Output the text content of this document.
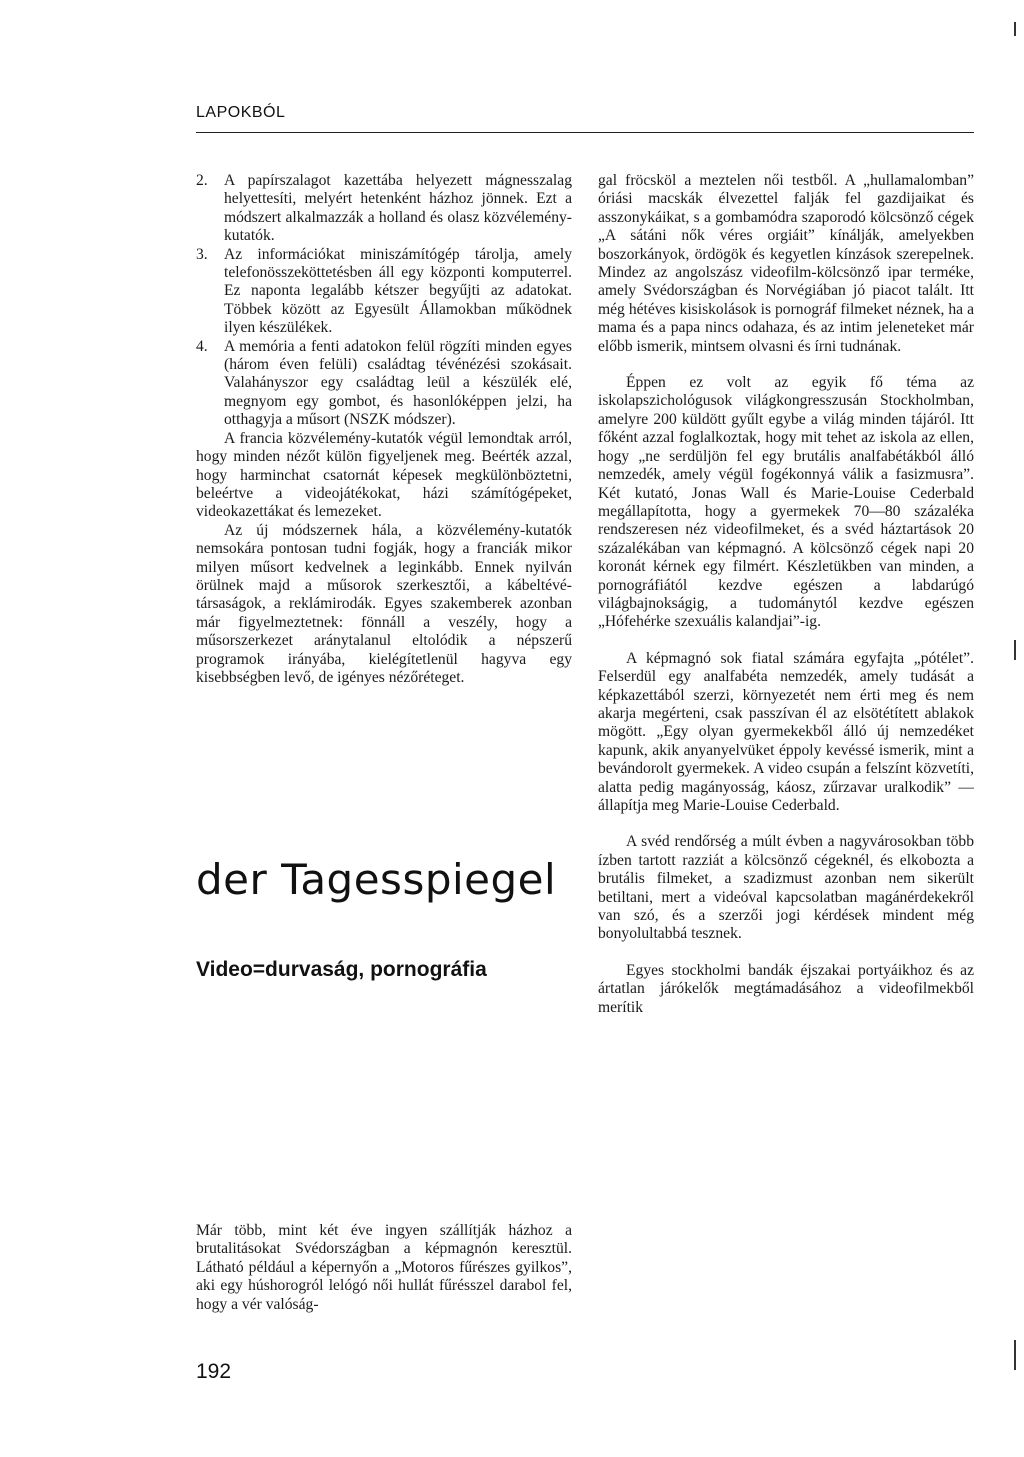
LAPOKBÓL
2.	A papírszalagot kazettába helyezett mágnesszalag helyettesíti, melyért hetenként házhoz jönnek. Ezt a módszert alkalmazzák a holland és olasz közvélemény-kutatók.
3.	Az információkat miniszámítógép tárolja, amely telefonösszeköttetésben áll egy központi komputerrel. Ez naponta legalább kétszer begyűjti az adatokat. Többek között az Egyesült Államokban működnek ilyen készülékek.
4.	A memória a fenti adatokon felül rögzíti minden egyes (három éven felüli) családtag tévénézési szokásait. Valahányszor egy családtag leül a készülék elé, megnyom egy gombot, és hasonlóképpen jelzi, ha otthagyja a műsort (NSZK módszer).

A francia közvélemény-kutatók végül lemondtak arról, hogy minden nézőt külön figyeljenek meg. Beérték azzal, hogy harminchat csatornát képesek megkülönböztetni, beleértve a videojátékokat, házi számítógépeket, videokazettákat és lemezeket.

Az új módszernek hála, a közvélemény-kutatók nemsokára pontosan tudni fogják, hogy a franciák mikor milyen műsort kedvelnek a leginkább. Ennek nyilván örülnek majd a műsorok szerkesztői, a kábeltévé-társaságok, a reklámirodák. Egyes szakemberek azonban már figyelmeztetnek: fönnáll a veszély, hogy a műsorszerkezet aránytalanul eltolódik a népszerű programok irányába, kielégítetlenül hagyva egy kisebbségben levő, de igényes nézőréteget.

der Tagesspiegel
Video=durvaság, pornográfia

Már több, mint két éve ingyen szállítják házhoz a brutalitásokat Svédországban a képmagnón keresztül. Látható például a képernyőn a „Motoros fűrészes gyilkos”, aki egy húshorogról lelógó női hullát fűrésszel darabol fel, hogy a vér valóság-

gal fröcsköl a meztelen női testből. A „hullamalomban” óriási macskák élvezettel falják fel gazdijaikat és asszonykáikat, s a gombamódra szaporodó kölcsönző cégek „A sátáni nők véres orgiáit” kínálják, amelyekben boszorkányok, ördögök és kegyetlen kínzások szerepelnek. Mindez az angolszász videofilm-kölcsönző ipar terméke, amely Svédországban és Norvégiában jó piacot talált. Itt még hétéves kisiskolások is pornográf filmeket néznek, ha a mama és a papa nincs odahaza, és az intim jeleneteket már előbb ismerik, mintsem olvasni és írni tudnának.

Éppen ez volt az egyik fő téma az iskolapszichológusok világkongresszusán Stockholmban, amelyre 200 küldött gyűlt egybe a világ minden tájáról. Itt főként azzal foglalkoztak, hogy mit tehet az iskola az ellen, hogy „ne serdüljön fel egy brutális analfabétákból álló nemzedék, amely végül fogékonnyá válik a fasizmusra”. Két kutató, Jonas Wall és Marie-Louise Cederbald megállapította, hogy a gyermekek 70—80 százaléka rendszeresen néz videofilmeket, és a svéd háztartások 20 százalékában van képmagnó. A kölcsönző cégek napi 20 koronát kérnek egy filmért. Készletükben van minden, a pornográfiától kezdve egészen a labdarúgó világbajnokságig, a tudománytól kezdve egészen „Hófehérke szexuális kalandjai”-ig.

A képmagnó sok fiatal számára egyfajta „pótélet”. Felserdül egy analfabéta nemzedék, amely tudását a képkazettából szerzi, környezetét nem érti meg és nem akarja megérteni, csak passzívan él az elsötétített ablakok mögött. „Egy olyan gyermekekből álló új nemzedéket kapunk, akik anyanyelvüket éppoly kevéssé ismerik, mint a bevándorolt gyermekek. A video csupán a felszínt közvetíti, alatta pedig magányosság, káosz, zűrzavar uralkodik” — állapítja meg Marie-Louise Cederbald.

A svéd rendőrség a múlt évben a nagyvárosokban több ízben tartott razziát a kölcsönző cégeknél, és elkobozta a brutális filmeket, a szadizmust azonban nem sikerült betiltani, mert a videóval kapcsolatban magánérdekekről van szó, és a szerzői jogi kérdések mindent még bonyolultabbá tesznek.

Egyes stockholmi bandák éjszakai portyáikhoz és az ártatlan járókelők megtámadásához a videofilmekből merítik

192
